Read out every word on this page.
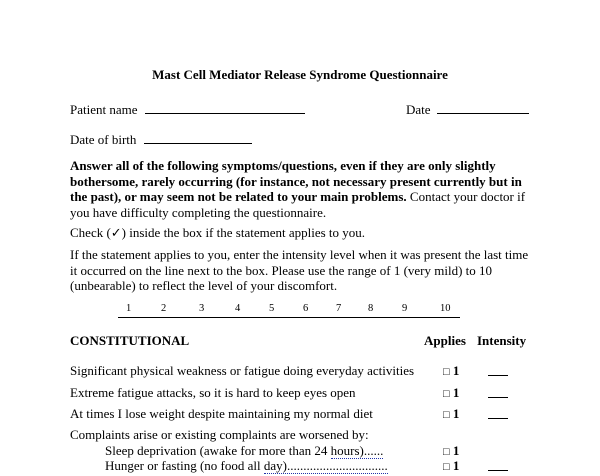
Mast Cell Mediator Release Syndrome Questionnaire
Patient name	Date
Date of birth
Answer all of the following symptoms/questions, even if they are only slightly bothersome, rarely occurring (for instance, not necessary present currently but in the past), or may seem not be related to your main problems. Contact your doctor if you have difficulty completing the questionnaire.
Check (✓) inside the box if the statement applies to you.
If the statement applies to you, enter the intensity level when it was present the last time it occurred on the line next to the box. Please use the range of 1 (very mild) to 10 (unbearable) to reflect the level of your discomfort.
1	2	3	4	5	6	7	8	9	10
CONSTITUTIONAL	Applies Intensity
Significant physical weakness or fatigue doing everyday activities	□ 1
Extreme fatigue attacks, so it is hard to keep eyes open	□ 1
At times I lose weight despite maintaining my normal diet	□ 1
Complaints arise or existing complaints are worsened by:
Sleep deprivation (awake for more than 24 hours)......	□ 1
Hunger or fasting (no food all day)...............................	□ 1
